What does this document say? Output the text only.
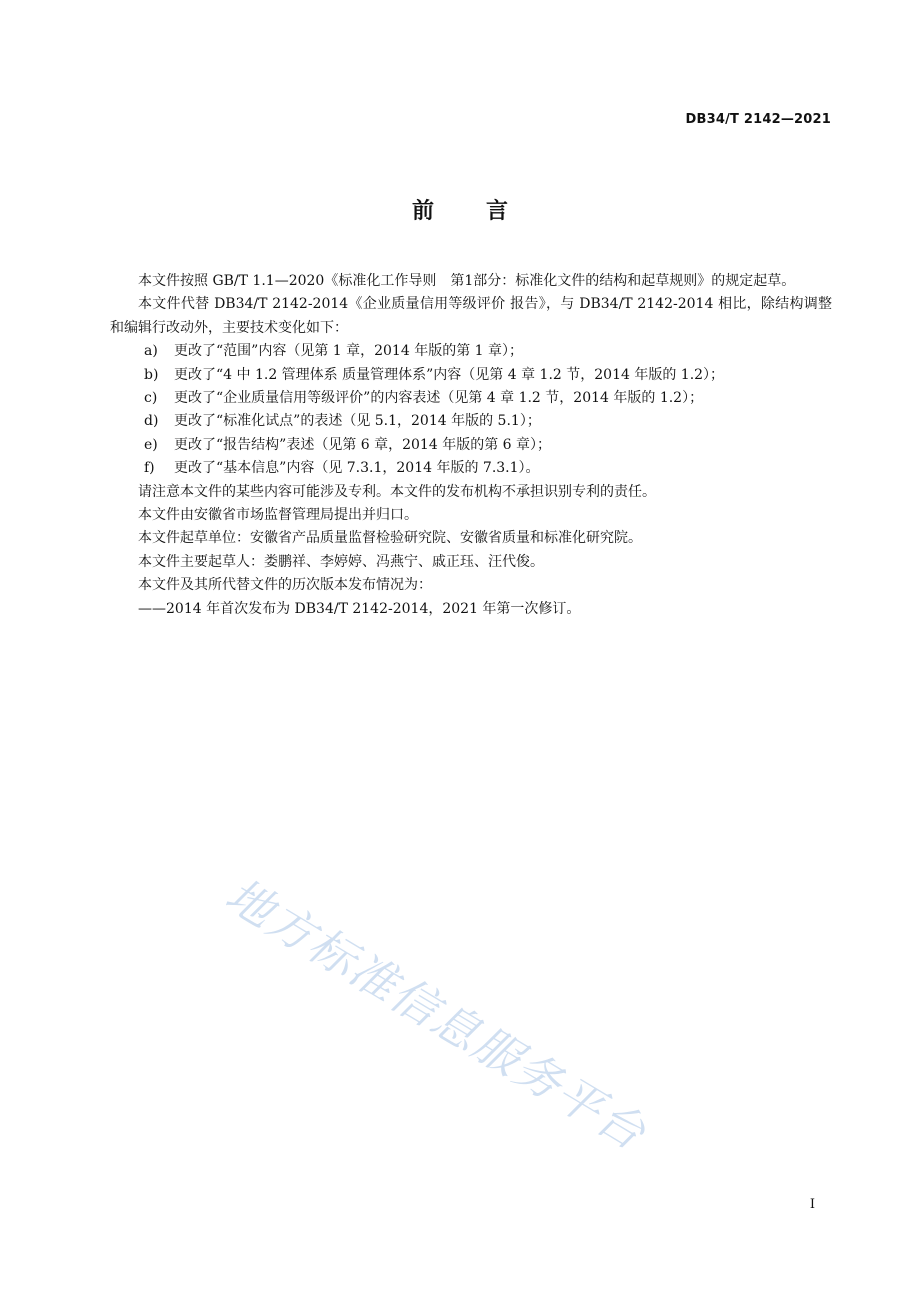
DB34/T 2142—2021
前言

本文件按照 GB/T 1.1—2020《标准化工作导则　第1部分：标准化文件的结构和起草规则》的规定起草。

本文件代替 DB34/T 2142-2014《企业质量信用等级评价 报告》，与 DB34/T 2142-2014 相比，除结构调整和编辑行改动外，主要技术变化如下：

a)	更改了“范围”内容（见第 1 章，2014 年版的第 1 章）；
b)	更改了“4 中 1.2 管理体系 质量管理体系”内容（见第 4 章 1.2 节，2014 年版的 1.2）；
c)	更改了“企业质量信用等级评价”的内容表述（见第 4 章 1.2 节，2014 年版的 1.2）；
d)	更改了“标准化试点”的表述（见 5.1，2014 年版的 5.1）；
e)	更改了“报告结构”表述（见第 6 章，2014 年版的第 6 章）；
f)	更改了“基本信息”内容（见 7.3.1，2014 年版的 7.3.1）。

请注意本文件的某些内容可能涉及专利。本文件的发布机构不承担识别专利的责任。

本文件由安徽省市场监督管理局提出并归口。

本文件起草单位：安徽省产品质量监督检验研究院、安徽省质量和标准化研究院。

本文件主要起草人：娄鹏祥、李婷婷、冯燕宁、戚正珏、汪代俊。

本文件及其所代替文件的历次版本发布情况为：

——2014 年首次发布为 DB34/T 2142-2014，2021 年第一次修订。

地方标准信息服务平台
I
